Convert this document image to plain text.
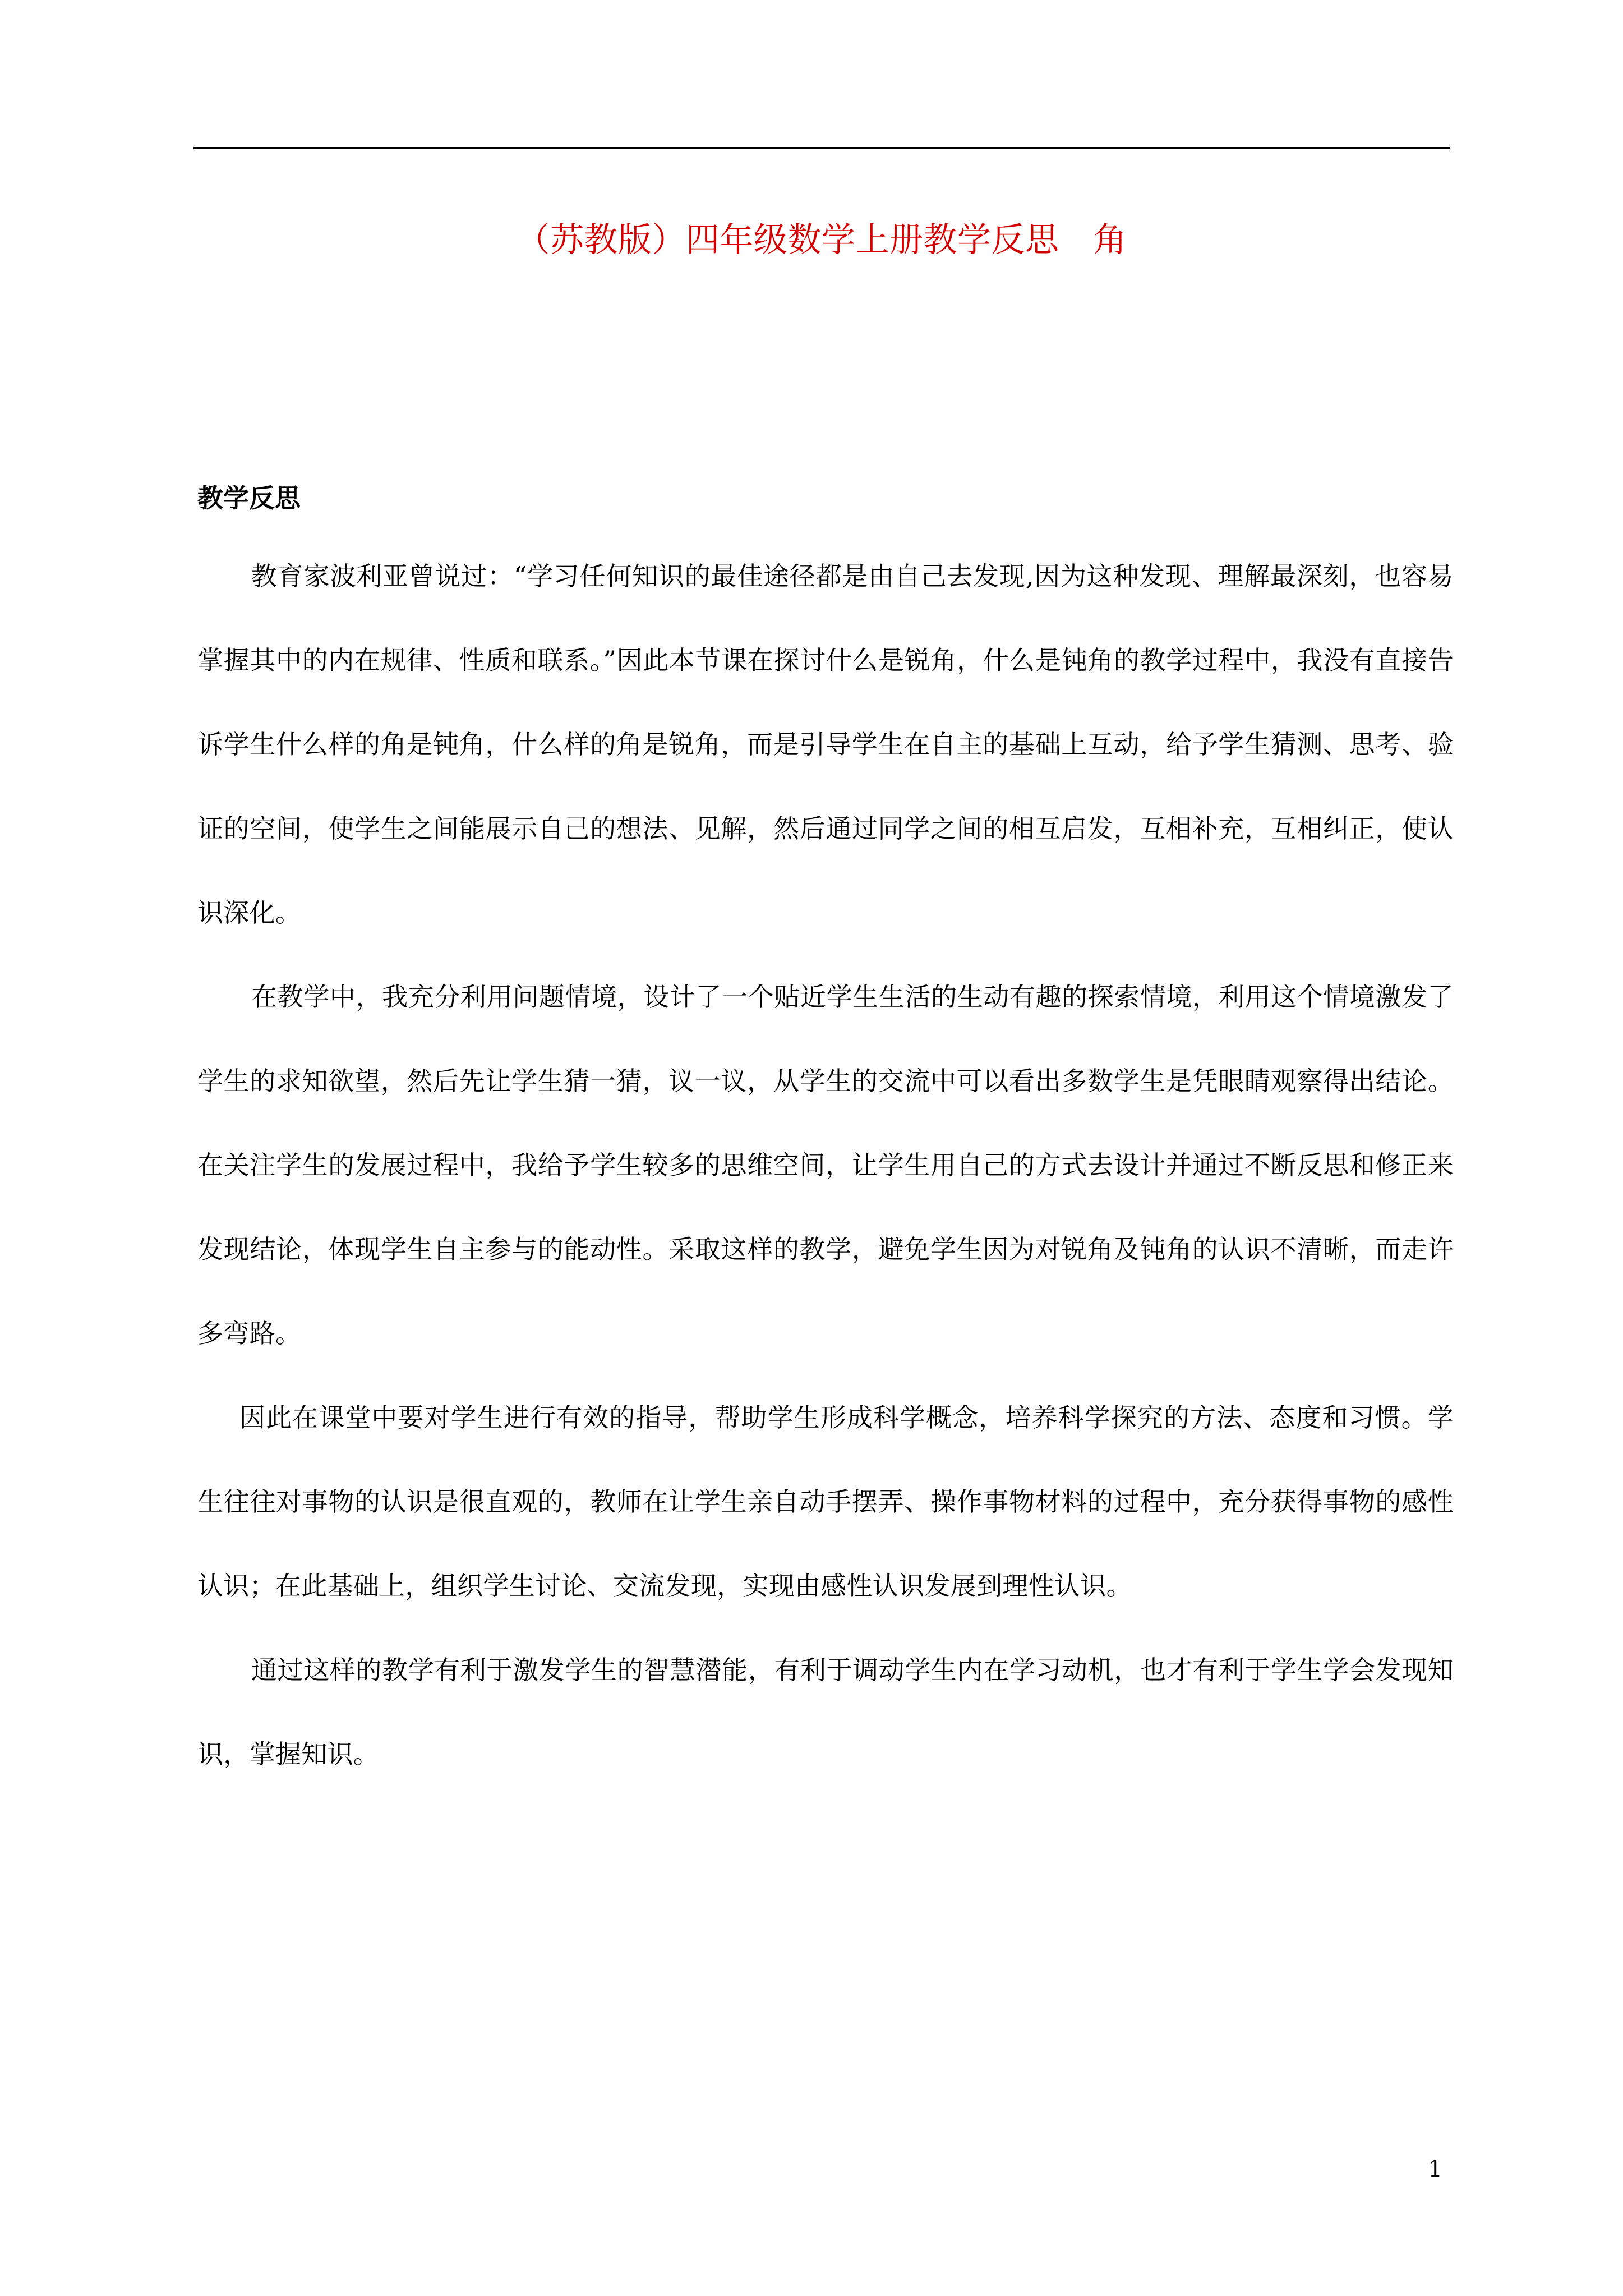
（苏教版）四年级数学上册教学反思　角
教学反思

教育家波利亚曾说过：“学习任何知识的最佳途径都是由自己去发现,因为这种发现、理解最深刻，也容易掌握其中的内在规律、性质和联系。”因此本节课在探讨什么是锐角，什么是钝角的教学过程中，我没有直接告诉学生什么样的角是钝角，什么样的角是锐角，而是引导学生在自主的基础上互动，给予学生猜测、思考、验证的空间，使学生之间能展示自己的想法、见解，然后通过同学之间的相互启发，互相补充，互相纠正，使认识深化。

在教学中，我充分利用问题情境，设计了一个贴近学生生活的生动有趣的探索情境，利用这个情境激发了学生的求知欲望，然后先让学生猜一猜，议一议，从学生的交流中可以看出多数学生是凭眼睛观察得出结论。在关注学生的发展过程中，我给予学生较多的思维空间，让学生用自己的方式去设计并通过不断反思和修正来发现结论，体现学生自主参与的能动性。采取这样的教学，避免学生因为对锐角及钝角的认识不清晰，而走许多弯路。

因此在课堂中要对学生进行有效的指导，帮助学生形成科学概念，培养科学探究的方法、态度和习惯。学生往往对事物的认识是很直观的，教师在让学生亲自动手摆弄、操作事物材料的过程中，充分获得事物的感性认识；在此基础上，组织学生讨论、交流发现，实现由感性认识发展到理性认识。

通过这样的教学有利于激发学生的智慧潜能，有利于调动学生内在学习动机，也才有利于学生学会发现知识，掌握知识。

1
